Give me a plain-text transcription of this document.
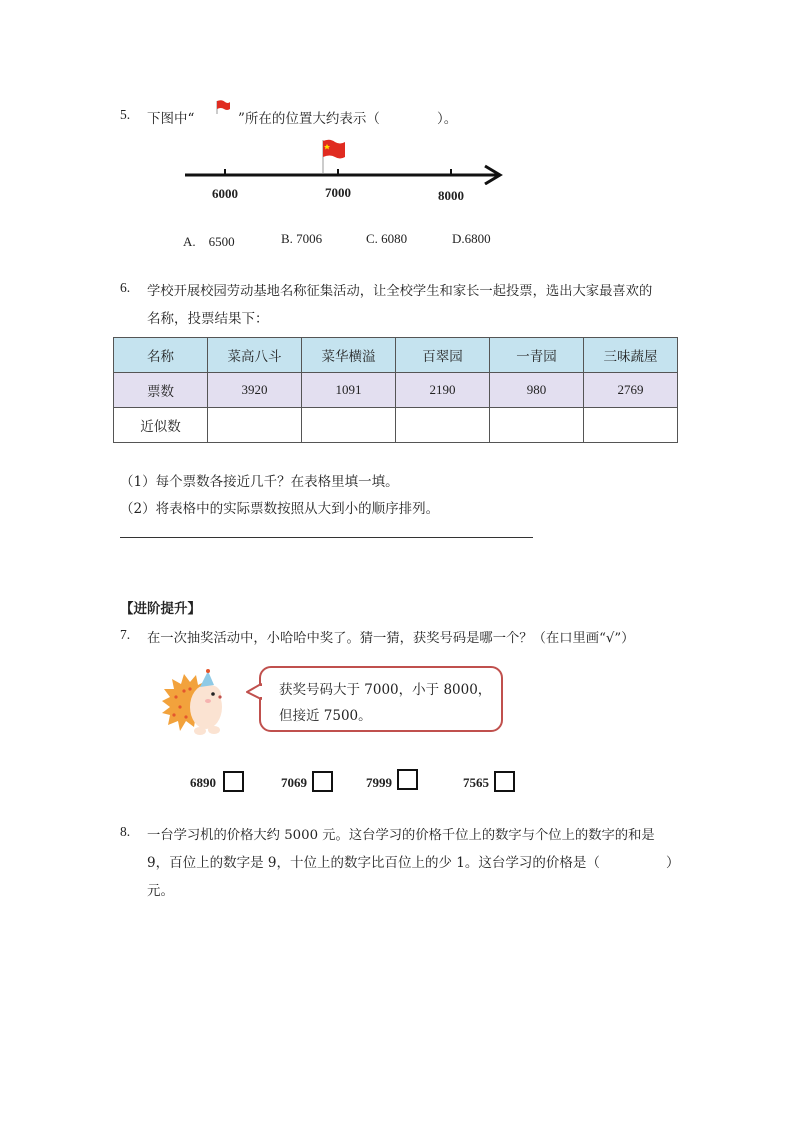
5. 下图中“	”所在的位置大约表示（	）。
6000	7000	8000
A.　6500	B. 7006	C. 6080	D.6800
6. 学校开展校园劳动基地名称征集活动，让全校学生和家长一起投票，选出大家最喜欢的
名称，投票结果下：
名称	菜高八斗	菜华横溢	百翠园	一青园	三味蔬屋
票数	3920	1091	2190	980	2769
近似数					
（1）每个票数各接近几千？在表格里填一填。
（2）将表格中的实际票数按照从大到小的顺序排列。
【进阶提升】
7. 在一次抽奖活动中，小哈哈中奖了。猜一猜，获奖号码是哪一个？（在口里画“√”）
获奖号码大于 7000，小于 8000，
但接近 7500。
6890	7069	7999	7565
8. 一台学习机的价格大约 5000 元。这台学习的价格千位上的数字与个位上的数字的和是
9，百位上的数字是 9，十位上的数字比百位上的少 1。这台学习的价格是（	）
元。
